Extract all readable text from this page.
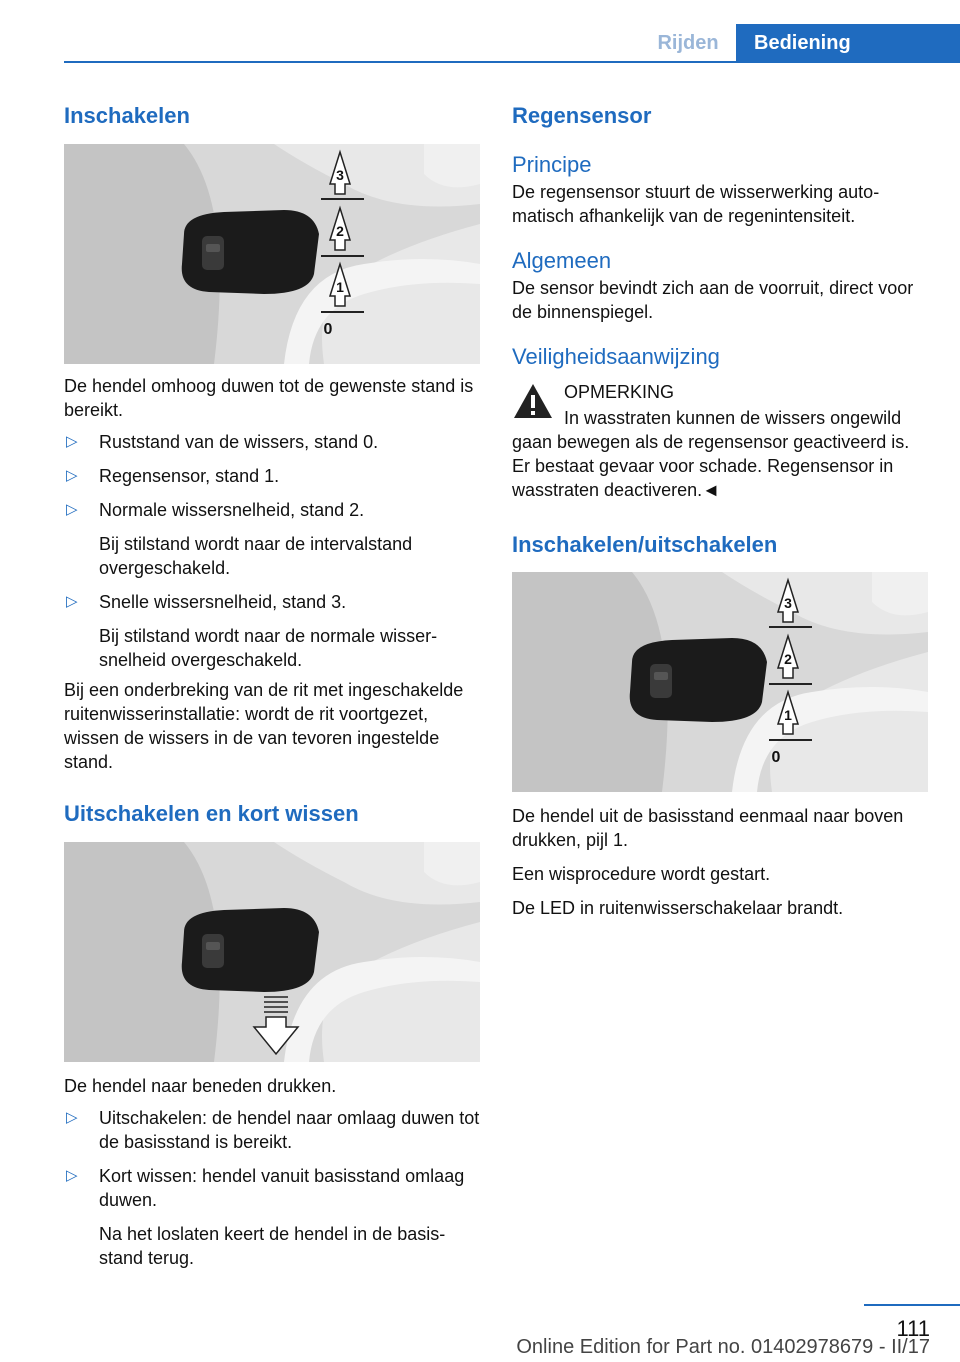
Rijden	Bediening
Inschakelen
3
2
1
0

De hendel omhoog duwen tot de gewenste stand is bereikt.

▷ Ruststand van de wissers, stand 0.
▷ Regensensor, stand 1.
▷ Normale wissersnelheid, stand 2.
Bij stilstand wordt naar de intervalstand overgeschakeld.
▷ Snelle wissersnelheid, stand 3.
Bij stilstand wordt naar de normale wissersnelheid overgeschakeld.

Bij een onderbreking van de rit met ingeschakelde ruitenwisserinstallatie: wordt de rit voortgezet, wissen de wissers in de van tevoren ingestelde stand.

Uitschakelen en kort wissen

De hendel naar beneden drukken.

▷ Uitschakelen: de hendel naar omlaag duwen tot de basisstand is bereikt.
▷ Kort wissen: hendel vanuit basisstand omlaag duwen.
Na het loslaten keert de hendel in de basisstand terug.
Regensensor
Principe

De regensensor stuurt de wisserwerking automatisch afhankelijk van de regenintensiteit.

Algemeen

De sensor bevindt zich aan de voorruit, direct voor de binnenspiegel.

Veiligheidsaanwijzing

OPMERKING

In wasstraten kunnen de wissers ongewild gaan bewegen als de regensensor geactiveerd is. Er bestaat gevaar voor schade. Regensensor in wasstraten deactiveren.◄

Inschakelen/uitschakelen
3
2
1
0

De hendel uit de basisstand eenmaal naar boven drukken, pijl 1.

Een wisprocedure wordt gestart.

De LED in ruitenwisserschakelaar brandt.

111
Online Edition for Part no. 01402978679 - II/17
